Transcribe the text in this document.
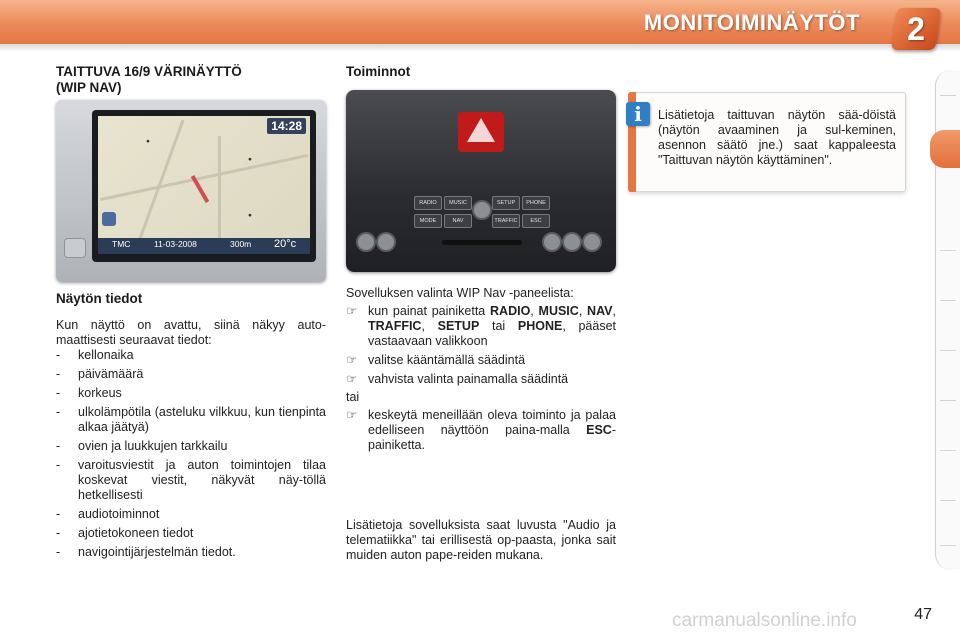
MONITOIMINÄYTÖT	2
TAITTUVA 16/9 VÄRINÄYTTÖ
(WIP NAV)
●
●
●
14:28
TMC	11-03-2008	300m 20°c
Näytön tiedot
Kun näyttö on avattu, siinä näkyy auto-maattisesti seuraavat tiedot:
- kellonaika
- päivämäärä
- korkeus
- ulkolämpötila (asteluku vilkkuu, kun tienpinta alkaa jäätyä)
- ovien ja luukkujen tarkkailu
- varoitusviestit ja auton toimintojen tilaa koskevat viestit, näkyvät näy-töllä hetkellisesti
- audiotoiminnot
- ajotietokoneen tiedot
- navigointijärjestelmän tiedot.
Toiminnot
RADIO	MUSIC	SETUP	PHONE
MODE	NAV	TRAFFIC	ESC
Sovelluksen valinta WIP Nav -paneelista:
☞ kun painat painiketta RADIO, MUSIC, NAV, TRAFFIC, SETUP tai PHONE, pääset vastaavaan valikkoon
☞ valitse kääntämällä säädintä
☞ vahvista valinta painamalla säädintä
tai
☞ keskeytä meneillään oleva toiminto ja palaa edelliseen näyttöön paina-malla ESC-painiketta.
Lisätietoja sovelluksista saat luvusta "Audio ja telematiikka" tai erillisestä op-paasta, jonka sait muiden auton pape-reiden mukana.
i	Lisätietoja taittuvan näytön sää-döistä (näytön avaaminen ja sul-keminen, asennon säätö jne.) saat kappaleesta "Taittuvan näytön käyttäminen".
carmanualsonline.info	47
